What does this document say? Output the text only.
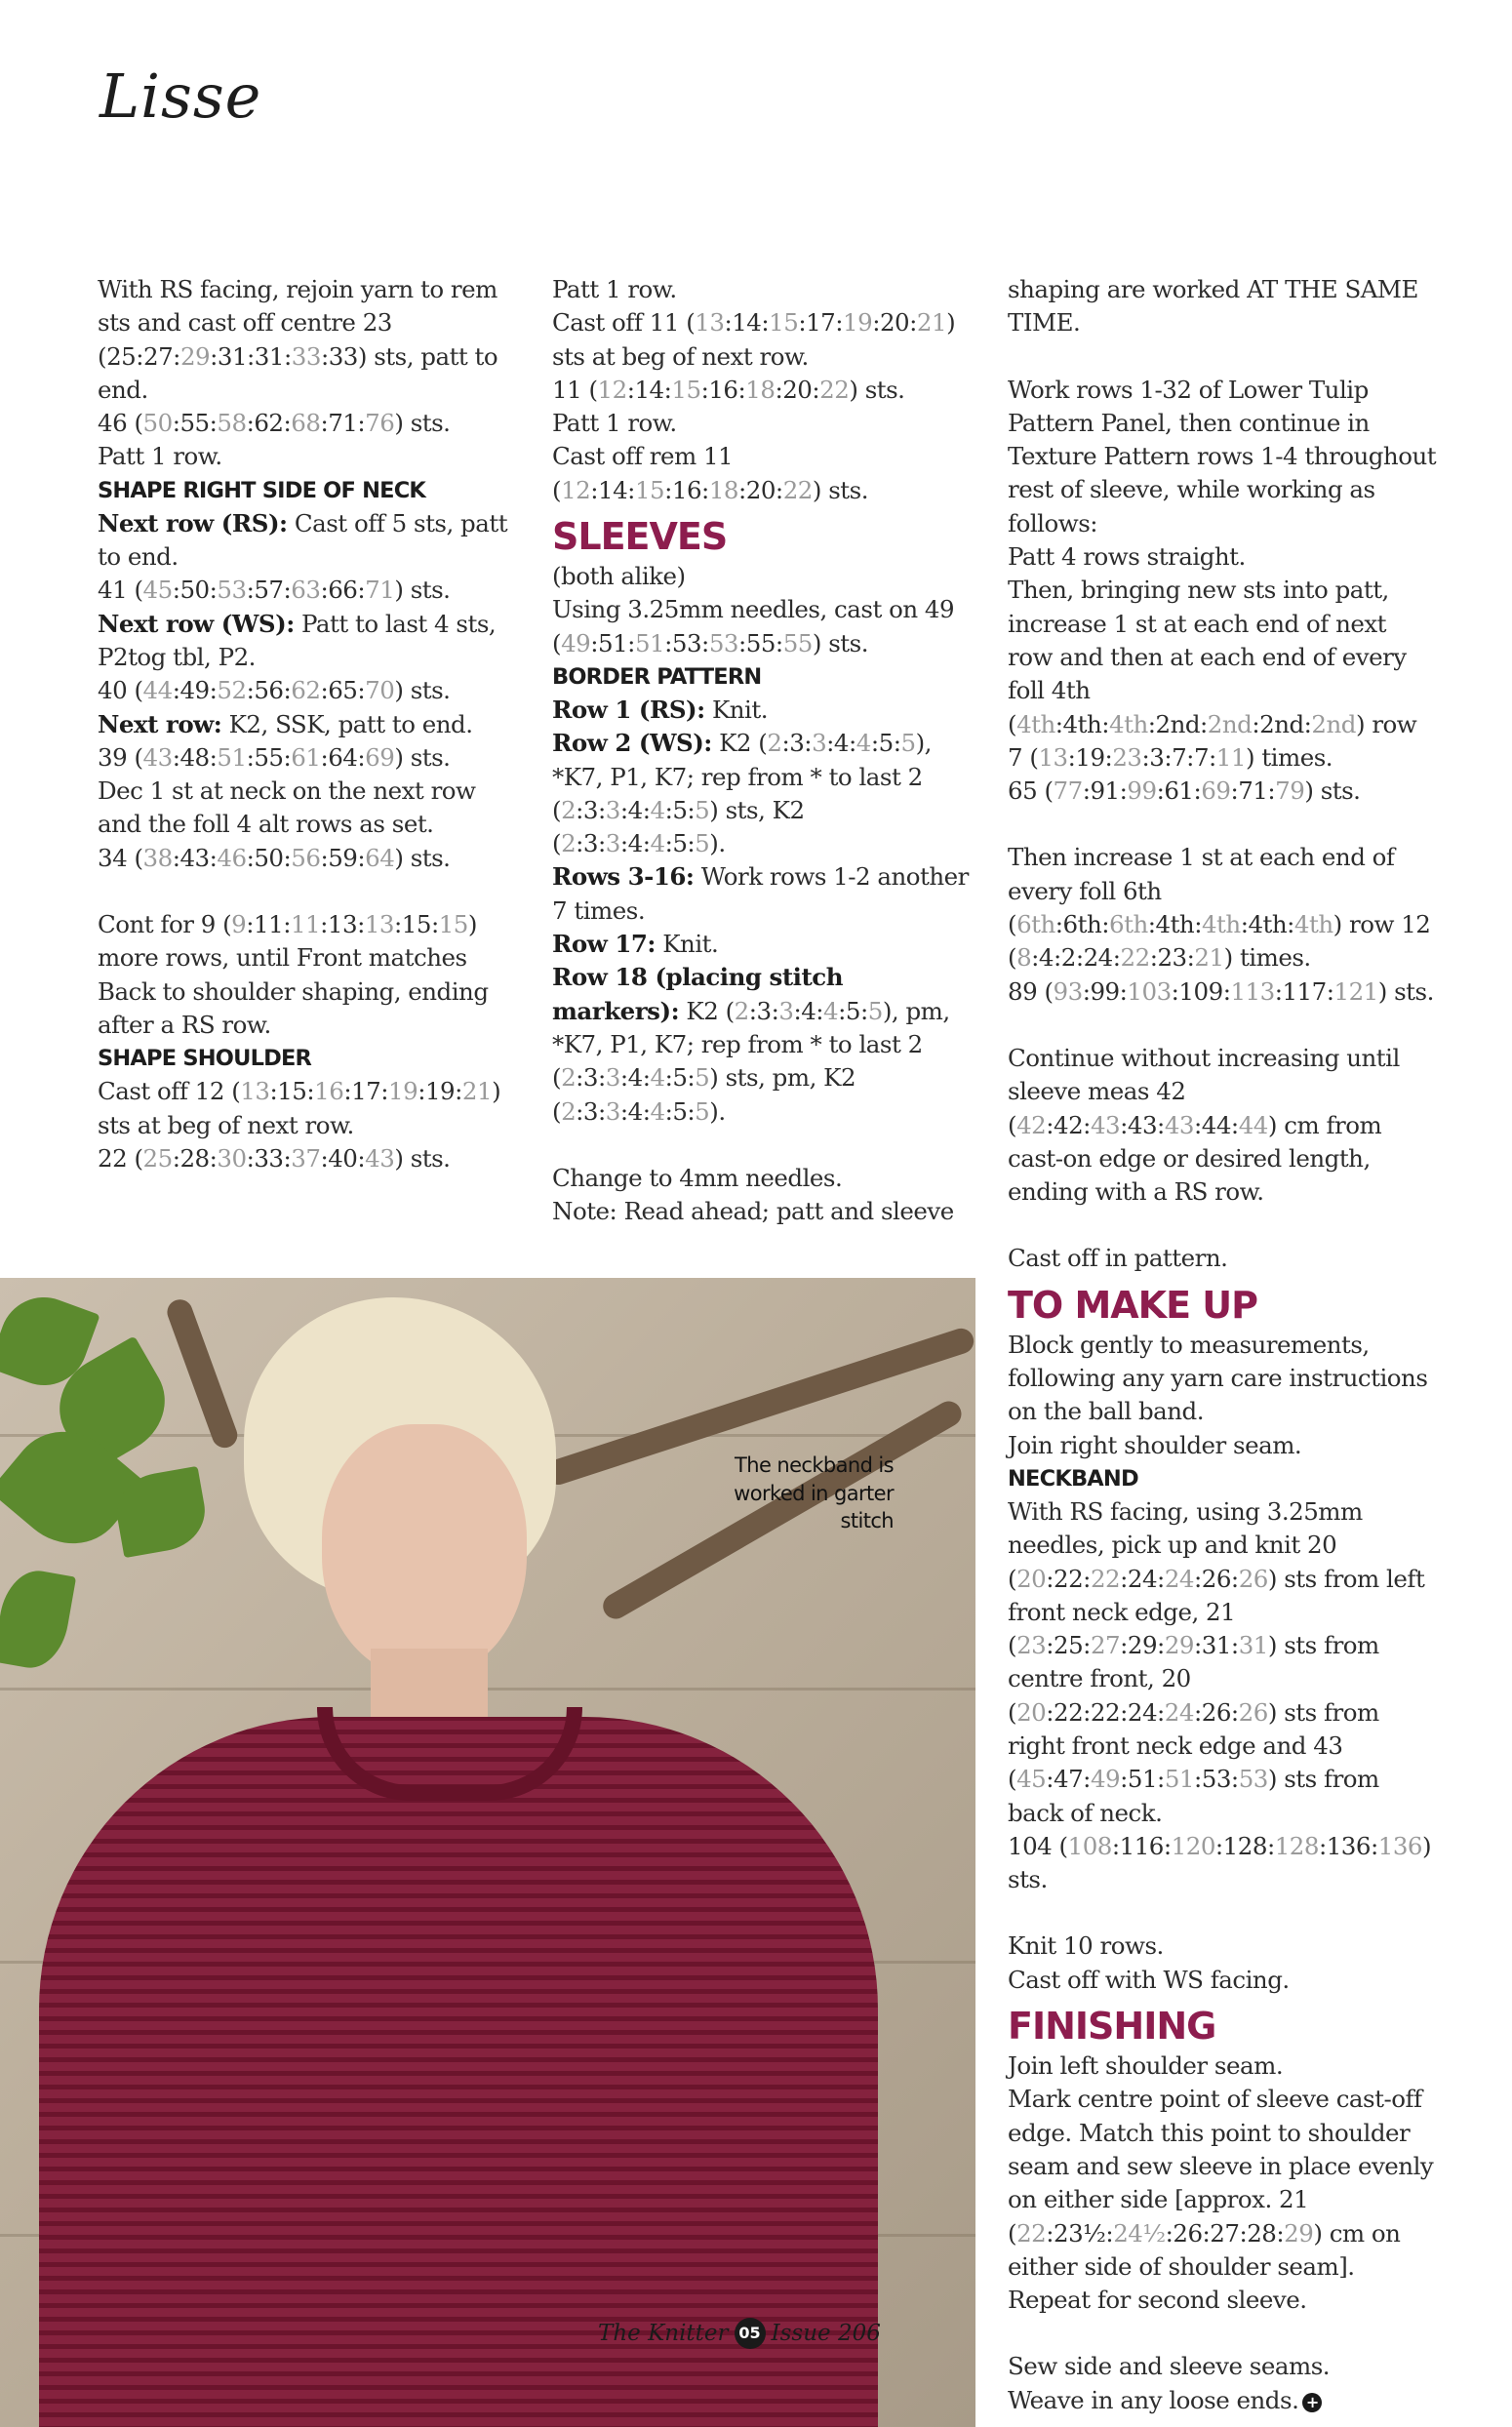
Lisse

With RS facing, rejoin yarn to rem sts and cast off centre 23 (25:27:29:31:31:33:33) sts, patt to end.

46 (50:55:58:62:68:71:76) sts.

Patt 1 row.

SHAPE RIGHT SIDE OF NECK

Next row (RS): Cast off 5 sts, patt to end.

41 (45:50:53:57:63:66:71) sts.

Next row (WS): Patt to last 4 sts, P2tog tbl, P2.

40 (44:49:52:56:62:65:70) sts.

Next row: K2, SSK, patt to end.

39 (43:48:51:55:61:64:69) sts.

Dec 1 st at neck on the next row and the foll 4 alt rows as set.

34 (38:43:46:50:56:59:64) sts.

Cont for 9 (9:11:11:13:13:15:15) more rows, until Front matches Back to shoulder shaping, ending after a RS row.

SHAPE SHOULDER

Cast off 12 (13:15:16:17:19:19:21) sts at beg of next row.

22 (25:28:30:33:37:40:43) sts.

Patt 1 row.

Cast off 11 (13:14:15:17:19:20:21) sts at beg of next row.

11 (12:14:15:16:18:20:22) sts.

Patt 1 row.

Cast off rem 11 (12:14:15:16:18:20:22) sts.

SLEEVES

(both alike)

Using 3.25mm needles, cast on 49 (49:51:51:53:53:55:55) sts.

BORDER PATTERN

Row 1 (RS): Knit.

Row 2 (WS): K2 (2:3:3:4:4:5:5), *K7, P1, K7; rep from * to last 2 (2:3:3:4:4:5:5) sts, K2 (2:3:3:4:4:5:5).

Rows 3-16: Work rows 1-2 another 7 times.

Row 17: Knit.

Row 18 (placing stitch markers): K2 (2:3:3:4:4:5:5), pm, *K7, P1, K7; rep from * to last 2 (2:3:3:4:4:5:5) sts, pm, K2 (2:3:3:4:4:5:5).

Change to 4mm needles.

Note: Read ahead; patt and sleeve

shaping are worked AT THE SAME TIME.

Work rows 1-32 of Lower Tulip Pattern Panel, then continue in Texture Pattern rows 1-4 throughout rest of sleeve, while working as follows:

Patt 4 rows straight.

Then, bringing new sts into patt, increase 1 st at each end of next row and then at each end of every foll 4th (4th:4th:4th:2nd:2nd:2nd:2nd) row 7 (13:19:23:3:7:7:11) times.

65 (77:91:99:61:69:71:79) sts.

Then increase 1 st at each end of every foll 6th (6th:6th:6th:4th:4th:4th:4th) row 12 (8:4:2:24:22:23:21) times.

89 (93:99:103:109:113:117:121) sts.

Continue without increasing until sleeve meas 42 (42:42:43:43:43:44:44) cm from cast-on edge or desired length, ending with a RS row.

Cast off in pattern.

TO MAKE UP

Block gently to measurements, following any yarn care instructions on the ball band.

Join right shoulder seam.

NECKBAND

With RS facing, using 3.25mm needles, pick up and knit 20 (20:22:22:24:24:26:26) sts from left front neck edge, 21 (23:25:27:29:29:31:31) sts from centre front, 20 (20:22:22:24:24:26:26) sts from right front neck edge and 43 (45:47:49:51:51:53:53) sts from back of neck.

104 (108:116:120:128:128:136:136) sts.

Knit 10 rows.

Cast off with WS facing.

FINISHING

Join left shoulder seam.

Mark centre point of sleeve cast-off edge. Match this point to shoulder seam and sew sleeve in place evenly on either side [approx. 21 (22:23½:24½:26:27:28:29) cm on either side of shoulder seam].

Repeat for second sleeve.

Sew side and sleeve seams.

Weave in any loose ends. +

The neckband is worked in garter stitch

The Knitter 05 Issue 206
